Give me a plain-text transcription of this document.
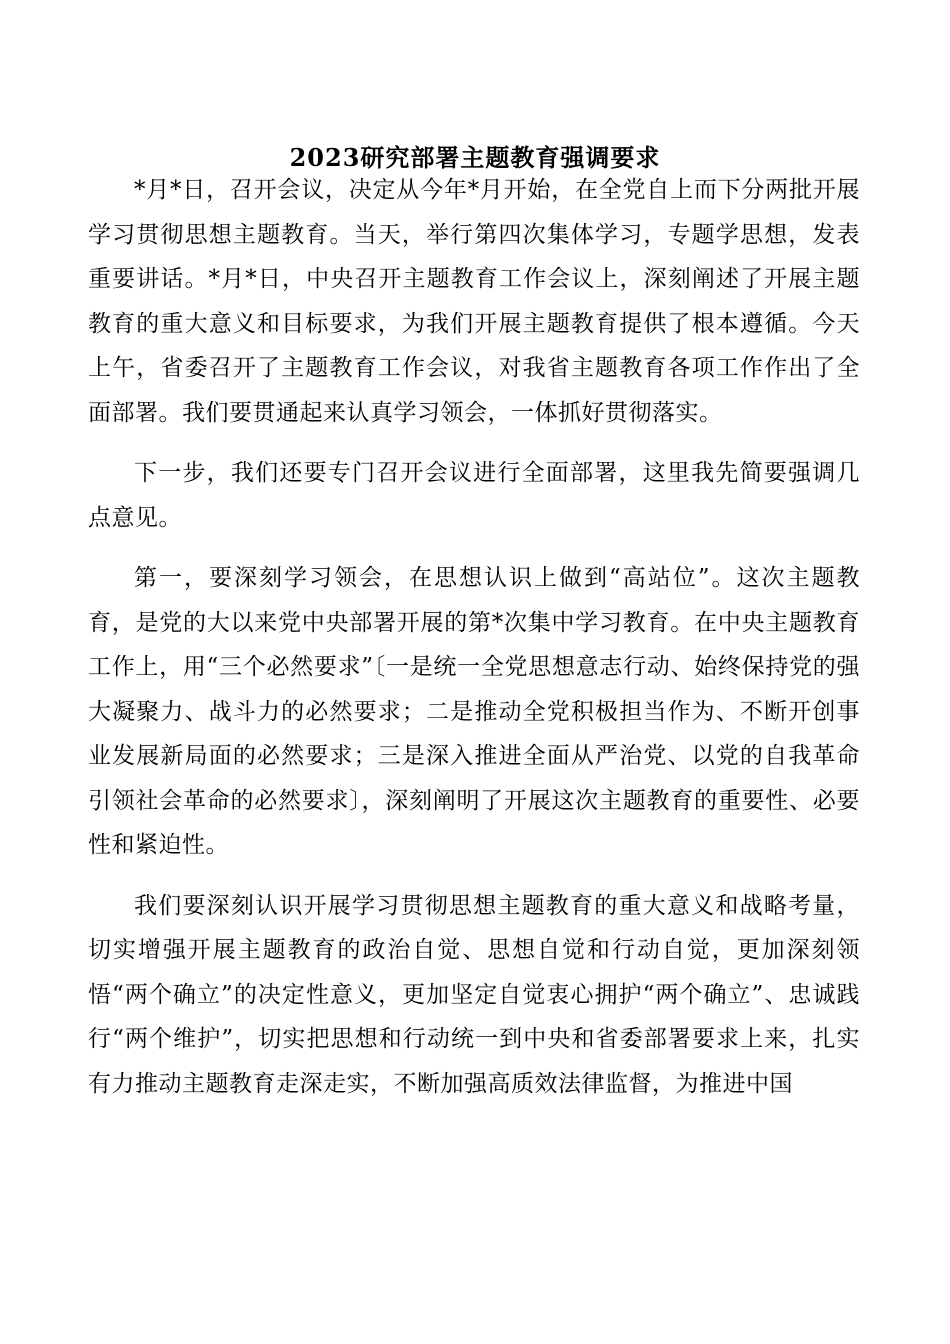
2023研究部署主题教育强调要求

*月*日，召开会议，决定从今年*月开始，在全党自上而下分两批开展学习贯彻思想主题教育。当天，举行第四次集体学习，专题学思想，发表重要讲话。*月*日，中央召开主题教育工作会议上，深刻阐述了开展主题教育的重大意义和目标要求，为我们开展主题教育提供了根本遵循。今天上午，省委召开了主题教育工作会议，对我省主题教育各项工作作出了全面部署。我们要贯通起来认真学习领会，一体抓好贯彻落实。

下一步，我们还要专门召开会议进行全面部署，这里我先简要强调几点意见。

第一，要深刻学习领会，在思想认识上做到“高站位”。这次主题教育，是党的大以来党中央部署开展的第*次集中学习教育。在中央主题教育工作上，用“三个必然要求”〔一是统一全党思想意志行动、始终保持党的强大凝聚力、战斗力的必然要求；二是推动全党积极担当作为、不断开创事业发展新局面的必然要求；三是深入推进全面从严治党、以党的自我革命引领社会革命的必然要求〕，深刻阐明了开展这次主题教育的重要性、必要性和紧迫性。

我们要深刻认识开展学习贯彻思想主题教育的重大意义和战略考量，切实增强开展主题教育的政治自觉、思想自觉和行动自觉，更加深刻领悟“两个确立”的决定性意义，更加坚定自觉衷心拥护“两个确立”、忠诚践行“两个维护”，切实把思想和行动统一到中央和省委部署要求上来，扎实有力推动主题教育走深走实，不断加强高质效法律监督，为推进中国
